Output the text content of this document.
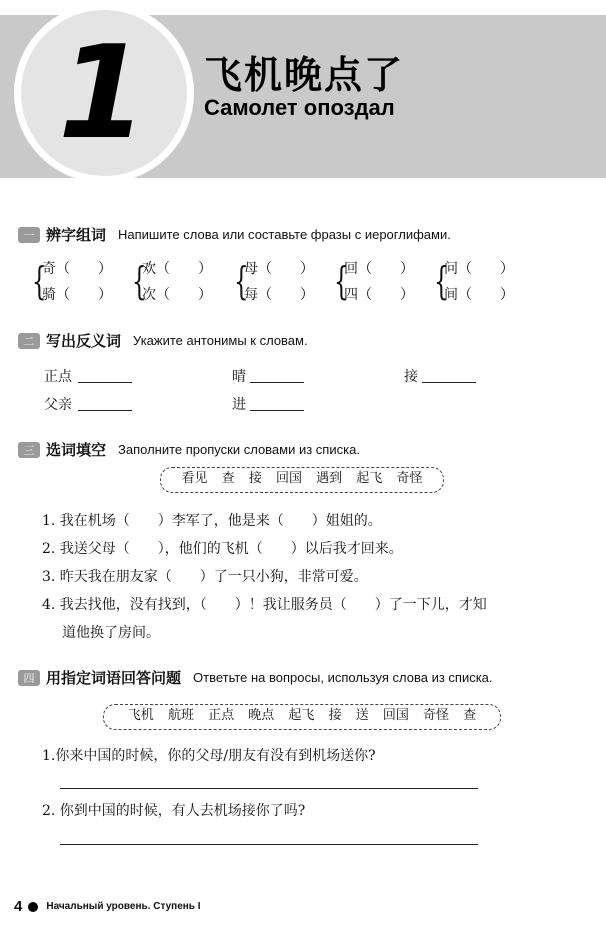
1 飞机晚点了
Самолет опоздал
一 辨字组词 Напишите слова или составьте фразы с иероглифами.
{
奇（　　）
骑（　　） {
欢（　　）
次（　　） {
母（　　）
每（　　） {
回（　　）
四（　　） {
问（　　）
间（　　）
二 写出反义词 Укажите антонимы к словам.
正点	晴	接
父亲	进
三 选词填空 Заполните пропуски словами из списка.
看见 查 接 回国 遇到 起飞 奇怪
1. 我在机场（　　）李军了，他是来（　　）姐姐的。
2. 我送父母（　　），他们的飞机（　　）以后我才回来。
3. 昨天我在朋友家（　　）了一只小狗，非常可爱。
4. 我去找他，没有找到，（　　）！我让服务员（　　）了一下儿，才知
道他换了房间。
四 用指定词语回答问题 Ответьте на вопросы, используя слова из списка.
飞机 航班 正点 晚点 起飞 接 送 回国 奇怪 查
1.你来中国的时候，你的父母/朋友有没有到机场送你?
2. 你到中国的时候，有人去机场接你了吗?
4 Начальный уровень. Ступень I
